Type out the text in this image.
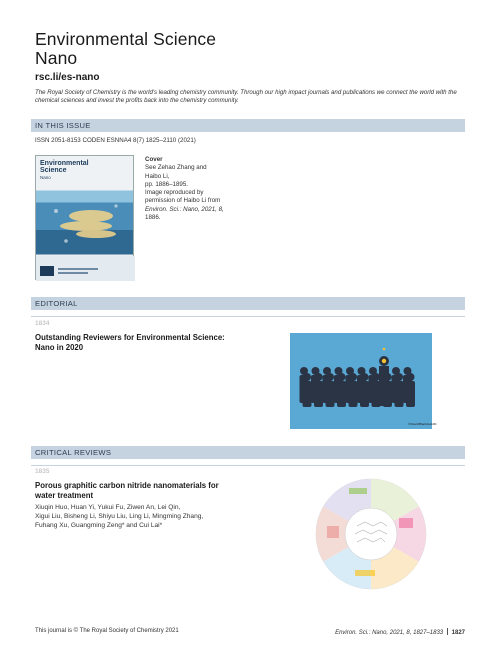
Environmental Science
Nano
rsc.li/es-nano
The Royal Society of Chemistry is the world's leading chemistry community. Through our high impact journals and publications we connect the world with the chemical sciences and invest the profits back into the chemistry community.
IN THIS ISSUE
ISSN 2051-8153 CODEN ESNNA4 8(7) 1825–2110 (2021)
Environmental
Science
Nano
Cover
See Zehao Zhang and
Haibo Li,
pp. 1886–1895.
Image reproduced by
permission of Haibo Li from
Environ. Sci.: Nano, 2021, 8,
1886.
EDITORIAL
1834
Outstanding Reviewers for Environmental Science:
Nano in 2020
©iStock/BlackJack3D
CRITICAL REVIEWS
1835
Porous graphitic carbon nitride nanomaterials for
water treatment
Xiuqin Huo, Huan Yi, Yukui Fu, Ziwen An, Lei Qin,
Xigui Liu, Bisheng Li, Shiyu Liu, Ling Li, Mingming Zhang,
Fuhang Xu, Guangming Zeng* and Cui Lai*
This journal is © The Royal Society of Chemistry 2021	Environ. Sci.: Nano, 2021, 8, 1827–1833 1827
